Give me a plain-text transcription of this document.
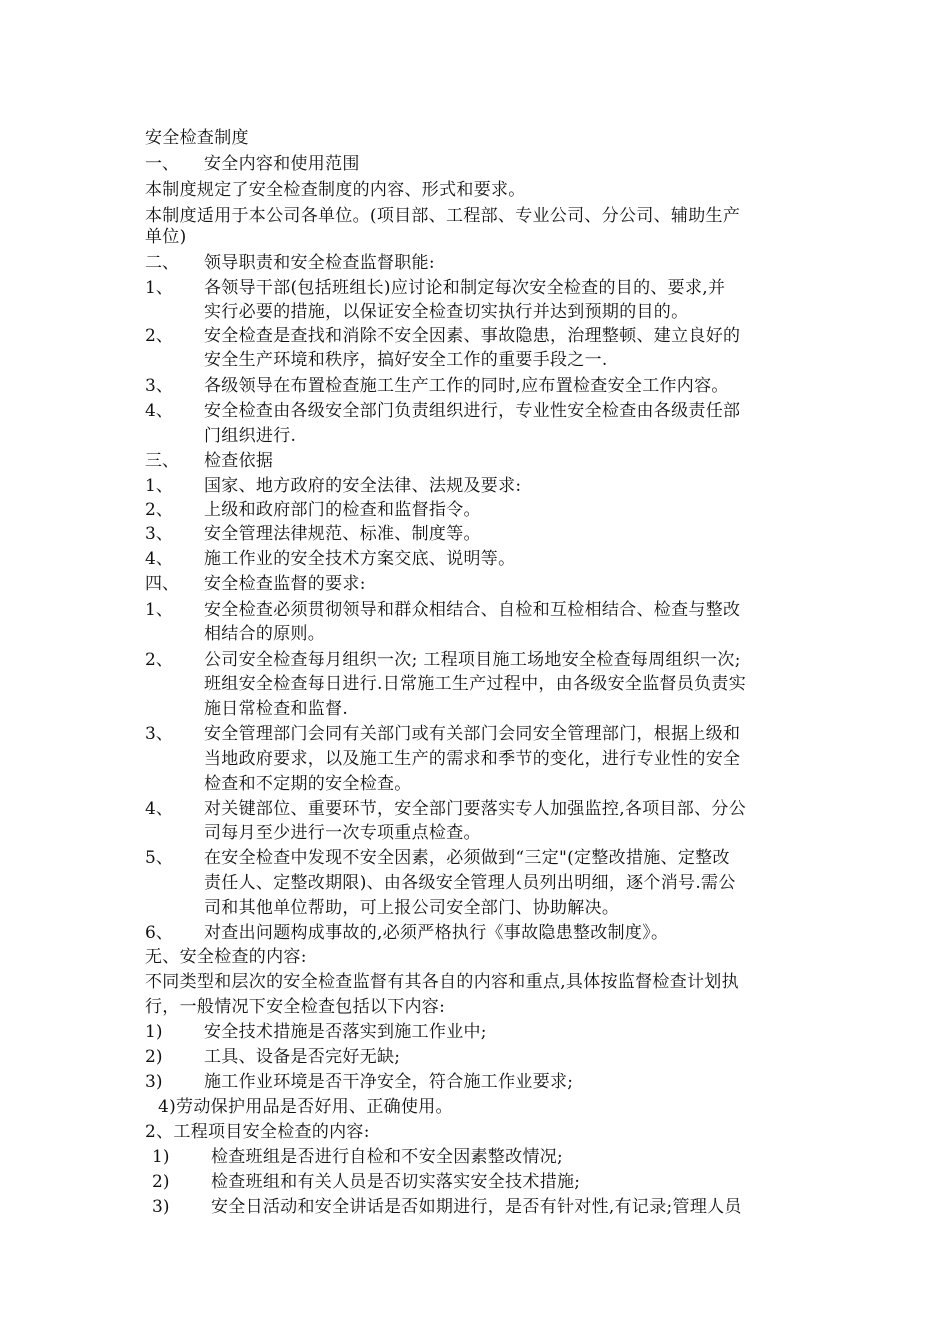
安全检查制度
一、 安全内容和使用范围
本制度规定了安全检查制度的内容、形式和要求。
本制度适用于本公司各单位。(项目部、工程部、专业公司、分公司、辅助生产
单位)
二、 领导职责和安全检查监督职能:
1、 各领导干部(包括班组长)应讨论和制定每次安全检查的目的、要求,并
实行必要的措施，以保证安全检查切实执行并达到预期的目的。
2、 安全检查是查找和消除不安全因素、事故隐患，治理整顿、建立良好的
安全生产环境和秩序，搞好安全工作的重要手段之一.
3、 各级领导在布置检查施工生产工作的同时,应布置检查安全工作内容。
4、 安全检查由各级安全部门负责组织进行，专业性安全检查由各级责任部
门组织进行.
三、 检查依据
1、 国家、地方政府的安全法律、法规及要求:
2、 上级和政府部门的检查和监督指令。
3、 安全管理法律规范、标准、制度等。
4、 施工作业的安全技术方案交底、说明等。
四、 安全检查监督的要求:
1、 安全检查必须贯彻领导和群众相结合、自检和互检相结合、检查与整改
相结合的原则。
2、 公司安全检查每月组织一次; 工程项目施工场地安全检查每周组织一次;
班组安全检查每日进行.日常施工生产过程中，由各级安全监督员负责实
施日常检查和监督.
3、 安全管理部门会同有关部门或有关部门会同安全管理部门，根据上级和
当地政府要求，以及施工生产的需求和季节的变化，进行专业性的安全
检查和不定期的安全检查。
4、 对关键部位、重要环节，安全部门要落实专人加强监控,各项目部、分公
司每月至少进行一次专项重点检查。
5、 在安全检查中发现不安全因素，必须做到“三定"(定整改措施、定整改
责任人、定整改期限)、由各级安全管理人员列出明细，逐个消号.需公
司和其他单位帮助，可上报公司安全部门、协助解决。
6、 对查出问题构成事故的,必须严格执行《事故隐患整改制度》。
无、安全检查的内容:
不同类型和层次的安全检查监督有其各自的内容和重点,具体按监督检查计划执
行，一般情况下安全检查包括以下内容:
1) 安全技术措施是否落实到施工作业中;
2) 工具、设备是否完好无缺;
3) 施工作业环境是否干净安全，符合施工作业要求;
4)劳动保护用品是否好用、正确使用。
2、工程项目安全检查的内容:
1) 检查班组是否进行自检和不安全因素整改情况;
2) 检查班组和有关人员是否切实落实安全技术措施;
3) 安全日活动和安全讲话是否如期进行，是否有针对性,有记录;管理人员
